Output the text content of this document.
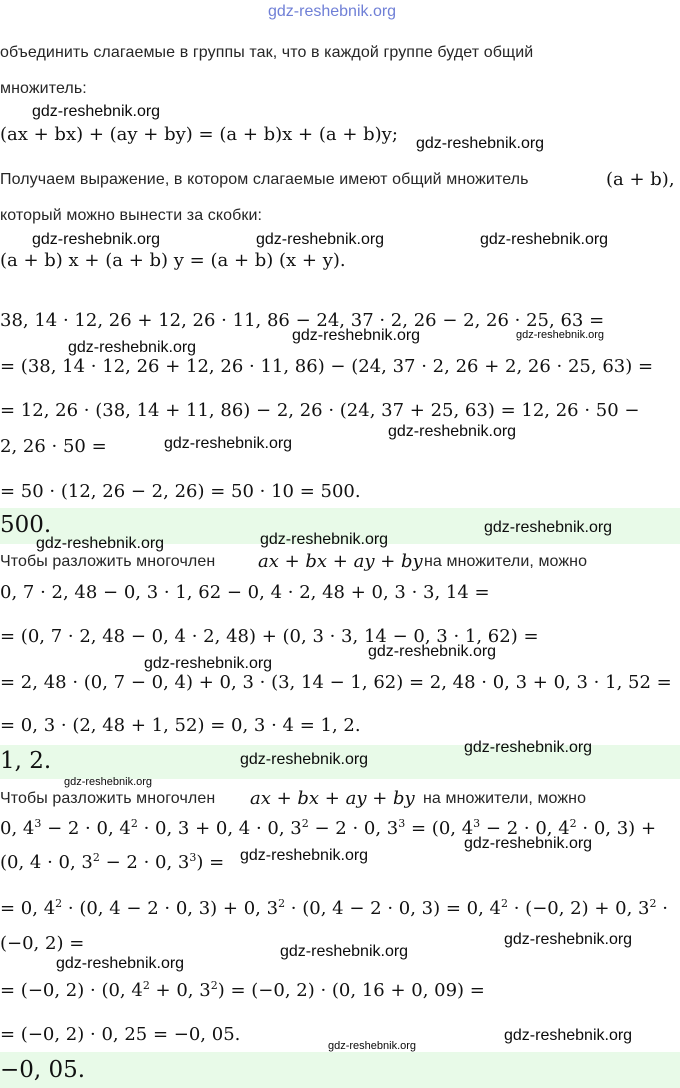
gdz-reshebnik.org
объединить слагаемые в группы так, что в каждой группе будет общий
множитель:
gdz-reshebnik.org
(ax + bx) + (ay + by) = (a + b)x + (a + b)y; gdz-reshebnik.org
Получаем выражение, в котором слагаемые имеют общий множитель	(a + b),
который можно вынести за скобки:
gdz-reshebnik.org	gdz-reshebnik.org	gdz-reshebnik.org
(a + b) x + (a + b) y = (a + b) (x + y).
38, 14 · 12, 26 + 12, 26 · 11, 86 − 24, 37 · 2, 26 − 2, 26 · 25, 63 =
gdz-reshebnik.org	gdz-reshebnik.org
gdz-reshebnik.org
= (38, 14 · 12, 26 + 12, 26 · 11, 86) − (24, 37 · 2, 26 + 2, 26 · 25, 63) =
= 12, 26 · (38, 14 + 11, 86) − 2, 26 · (24, 37 + 25, 63) = 12, 26 · 50 −
gdz-reshebnik.org
2, 26 · 50 =	gdz-reshebnik.org
= 50 · (12, 26 − 2, 26) = 50 · 10 = 500.
500.	gdz-reshebnik.org
gdz-reshebnik.org
gdz-reshebnik.org
Чтобы разложить многочлен ax + bx + ay + by на множители, можно
0, 7 · 2, 48 − 0, 3 · 1, 62 − 0, 4 · 2, 48 + 0, 3 · 3, 14 =
= (0, 7 · 2, 48 − 0, 4 · 2, 48) + (0, 3 · 3, 14 − 0, 3 · 1, 62) =
gdz-reshebnik.org
gdz-reshebnik.org
= 2, 48 · (0, 7 − 0, 4) + 0, 3 · (3, 14 − 1, 62) = 2, 48 · 0, 3 + 0, 3 · 1, 52 =
= 0, 3 · (2, 48 + 1, 52) = 0, 3 · 4 = 1, 2.
gdz-reshebnik.org
1, 2.	gdz-reshebnik.org
gdz-reshebnik.org
Чтобы разложить многочлен ax + bx + ay + by на множители, можно
0, $4^3 - 2 \cdot 0$, $4^2 \cdot 0$, 3 + 0, 4 · 0, $3^2 - 2 \cdot 0$, $3^3 = (0$, $4^3 - 2 \cdot 0$, $4^2 \cdot 0$, 3) +
gdz-reshebnik.org
(0, 4 · 0, $3^2 - 2 \cdot 0$, $3^3$) = gdz-reshebnik.org
= 0, $4^2 \cdot (0$, 4 − 2 · 0, 3) + 0, $3^2 \cdot (0$, 4 − 2 · 0, 3) = 0, $4^2 \cdot (-0$, 2) + 0, $3^2$ ·
(−0, 2) =	gdz-reshebnik.org
gdz-reshebnik.org
gdz-reshebnik.org
= (−0, 2) · (0, $4^2 + 0$, $3^2) = (-0$, 2) · (0, 16 + 0, 09) =
= (−0, 2) · 0, 25 = −0, 05.	gdz-reshebnik.org
gdz-reshebnik.org
−0, 05.
